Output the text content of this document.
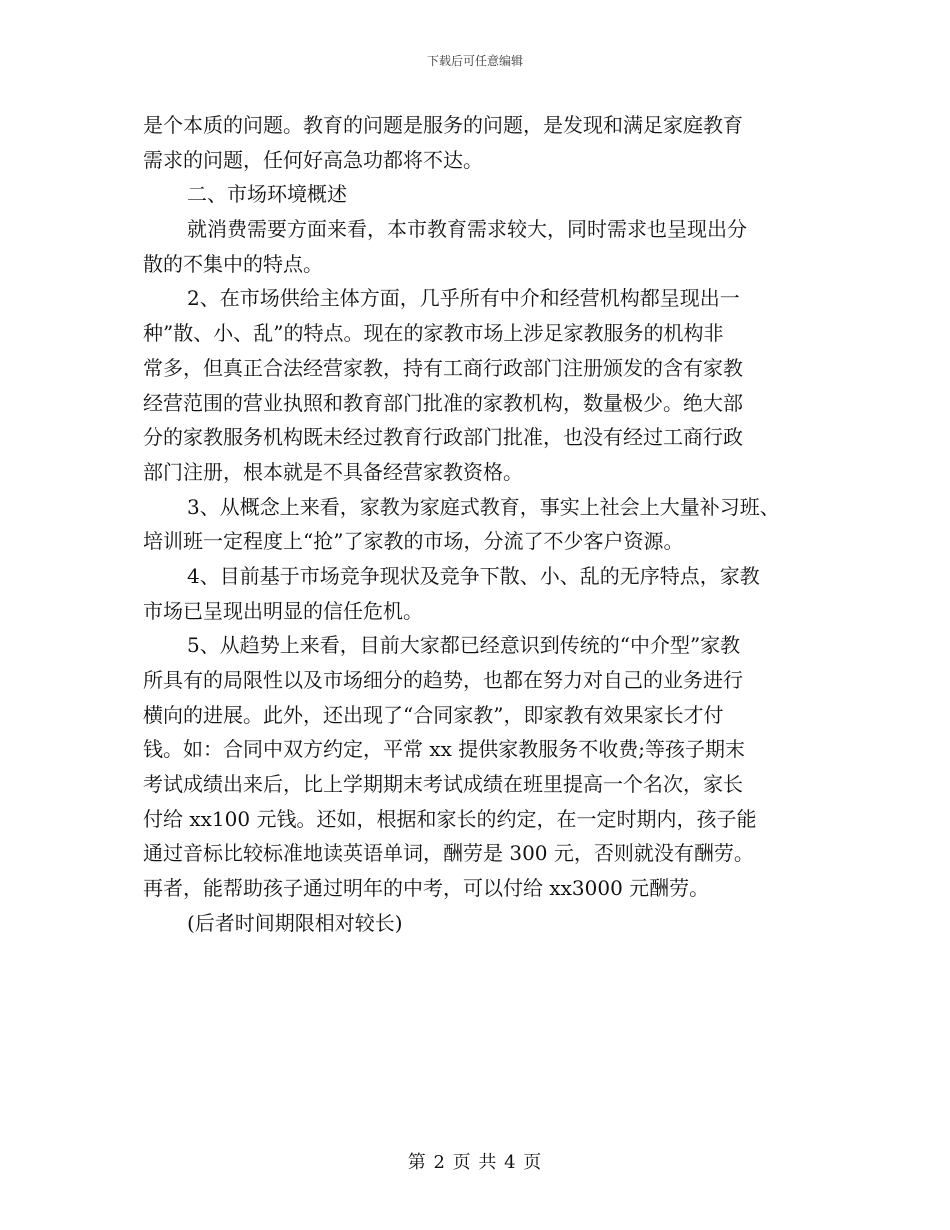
下载后可任意编辑
是个本质的问题。教育的问题是服务的问题，是发现和满足家庭教育
需求的问题，任何好高急功都将不达。
二、市场环境概述
就消费需要方面来看，本市教育需求较大，同时需求也呈现出分
散的不集中的特点。
2、在市场供给主体方面，几乎所有中介和经营机构都呈现出一
种”散、小、乱”的特点。现在的家教市场上涉足家教服务的机构非
常多，但真正合法经营家教，持有工商行政部门注册颁发的含有家教
经营范围的营业执照和教育部门批准的家教机构，数量极少。绝大部
分的家教服务机构既未经过教育行政部门批准，也没有经过工商行政
部门注册，根本就是不具备经营家教资格。
3、从概念上来看，家教为家庭式教育，事实上社会上大量补习班、
培训班一定程度上“抢”了家教的市场，分流了不少客户资源。
4、目前基于市场竞争现状及竞争下散、小、乱的无序特点，家教
市场已呈现出明显的信任危机。
5、从趋势上来看，目前大家都已经意识到传统的“中介型”家教
所具有的局限性以及市场细分的趋势，也都在努力对自己的业务进行
横向的进展。此外，还出现了“合同家教”，即家教有效果家长才付
钱。如：合同中双方约定，平常 xx 提供家教服务不收费;等孩子期末
考试成绩出来后，比上学期期末考试成绩在班里提高一个名次，家长
付给 xx100 元钱。还如，根据和家长的约定，在一定时期内，孩子能
通过音标比较标准地读英语单词，酬劳是 300 元，否则就没有酬劳。
再者，能帮助孩子通过明年的中考，可以付给 xx3000 元酬劳。
(后者时间期限相对较长)
第 2 页 共 4 页
